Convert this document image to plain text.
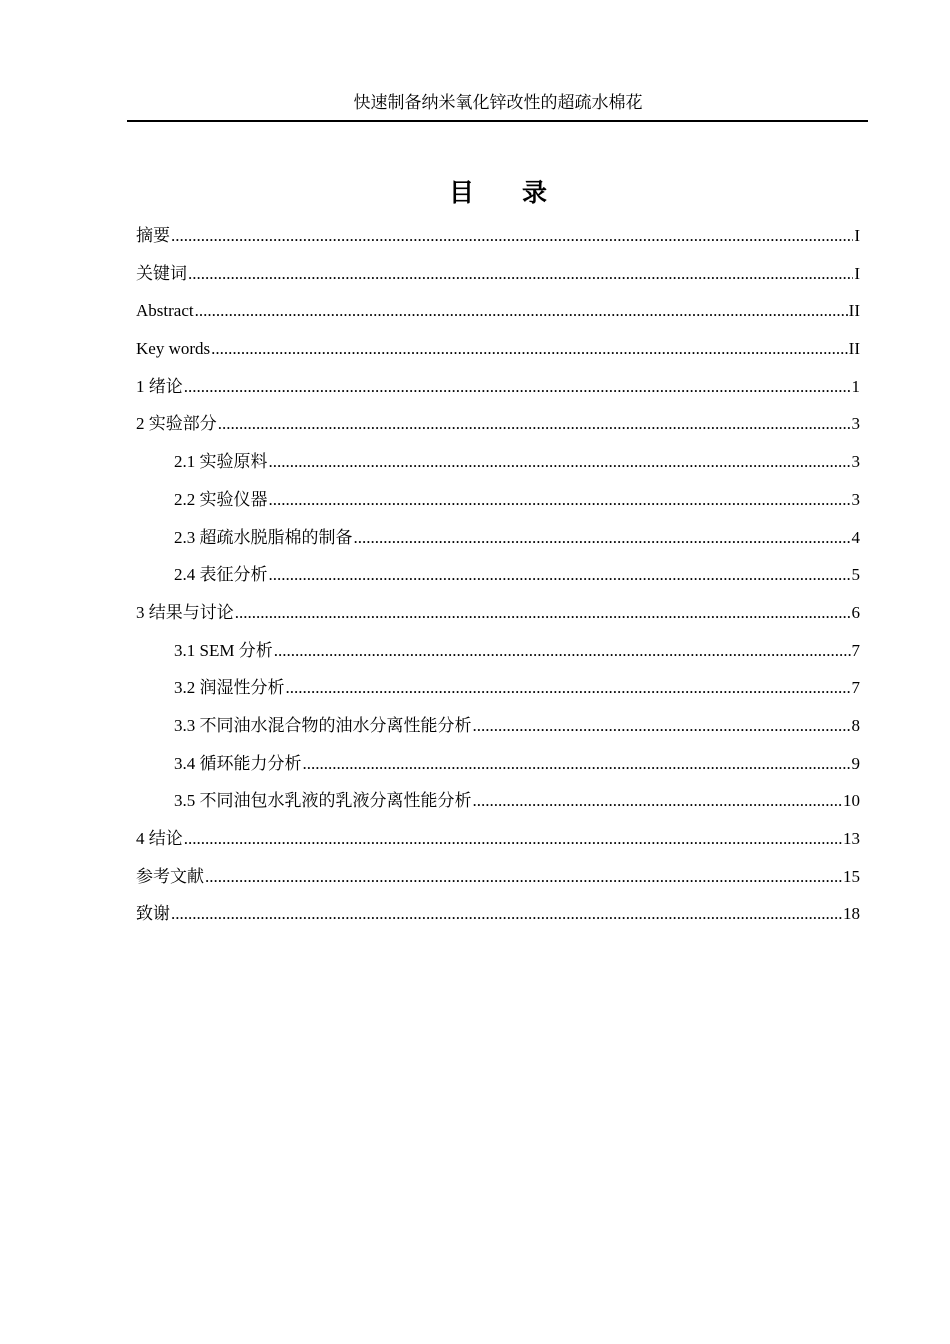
快速制备纳米氧化锌改性的超疏水棉花
目 录
摘要 .....	I
关键词 .....	I
Abstract .....	II
Key words .....	II
1 绪论 .....	1
2 实验部分 .....	3
2.1 实验原料 .....	3
2.2 实验仪器 .....	3
2.3 超疏水脱脂棉的制备 .....	4
2.4 表征分析 .....	5
3 结果与讨论 .....	6
3.1 SEM 分析 .....	7
3.2 润湿性分析 .....	7
3.3 不同油水混合物的油水分离性能分析 .....	8
3.4 循环能力分析 .....	9
3.5 不同油包水乳液的乳液分离性能分析 .....	10
4 结论 .....	13
参考文献 .....	15
致谢 .....	18
